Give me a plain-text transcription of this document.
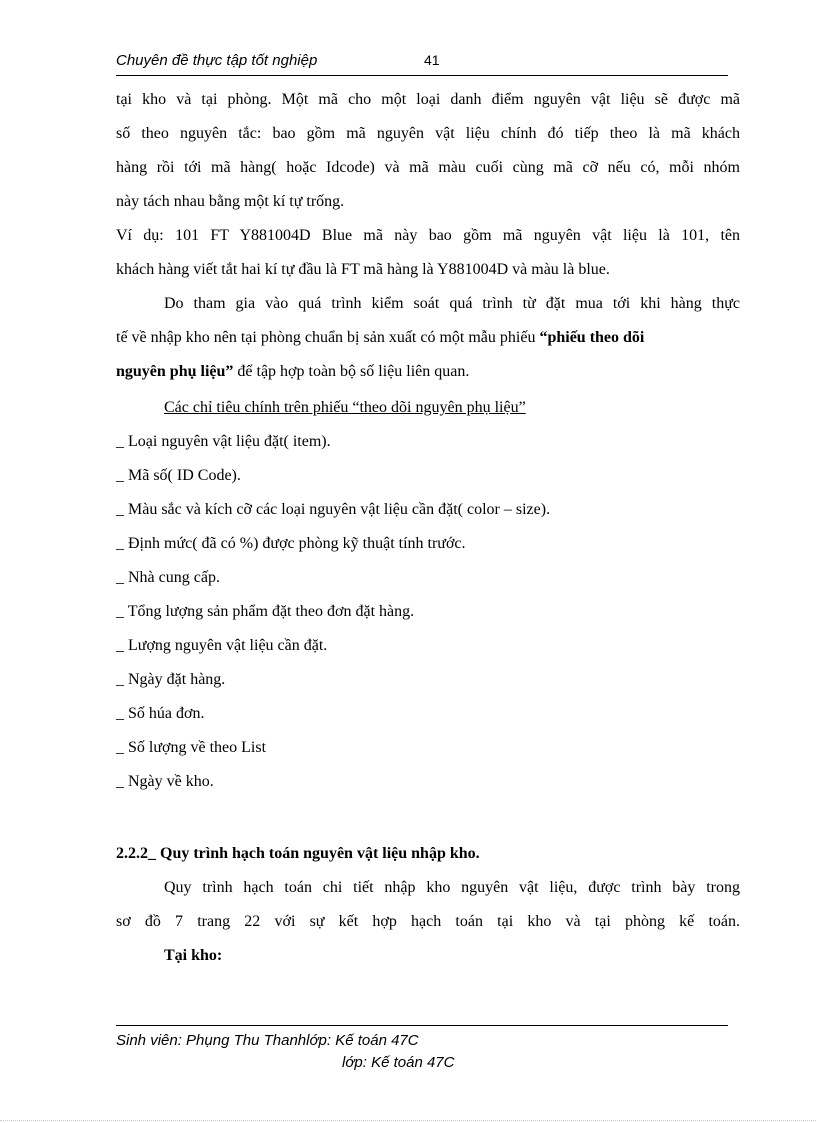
Chuyên đề thực tập tốt nghiệp	41
tại kho và tại phòng. Một mã cho một loại danh điểm nguyên vật liệu sẽ được mã
số theo nguyên tắc: bao gồm mã nguyên vật liệu chính đó tiếp theo là mã khách
hàng rồi tới mã hàng( hoặc Idcode) và mã màu cuối cùng mã cỡ nếu có, mỗi nhóm
này tách nhau bằng một kí tự trống.
Ví dụ: 101 FT Y881004D Blue mã này bao gồm mã nguyên vật liệu là 101, tên
khách hàng viết tắt hai kí tự đầu là FT mã hàng là Y881004D và màu là blue.
Do tham gia vào quá trình kiểm soát quá trình từ đặt mua tới khi hàng thực
tế về nhập kho nên tại phòng chuẩn bị sản xuất có một mẫu phiếu “phiếu theo dõi
nguyên phụ liệu” để tập hợp toàn bộ số liệu liên quan.
Các chỉ tiêu chính trên phiếu “theo dõi nguyên phụ liệu”
_ Loại nguyên vật liệu đặt( item).
_ Mã số( ID Code).
_ Màu sắc và kích cỡ các loại nguyên vật liệu cần đặt( color – size).
_ Định mức( đã có %) được phòng kỹ thuật tính trước.
_ Nhà cung cấp.
_ Tổng lượng sản phẩm đặt theo đơn đặt hàng.
_ Lượng nguyên vật liệu cần đặt.
_ Ngày đặt hàng.
_ Số húa đơn.
_ Số lượng về theo List
_ Ngày về kho.
2.2.2_ Quy trình hạch toán nguyên vật liệu nhập kho.
Quy trình hạch toán chi tiết nhập kho nguyên vật liệu, được trình bày trong
sơ đồ 7 trang 22 với sự kết hợp hạch toán tại kho và tại phòng kế toán.
Tại kho:
Sinh viên: Phụng Thu Thanhlớp: Kế toán 47C
lớp: Kế toán 47C
